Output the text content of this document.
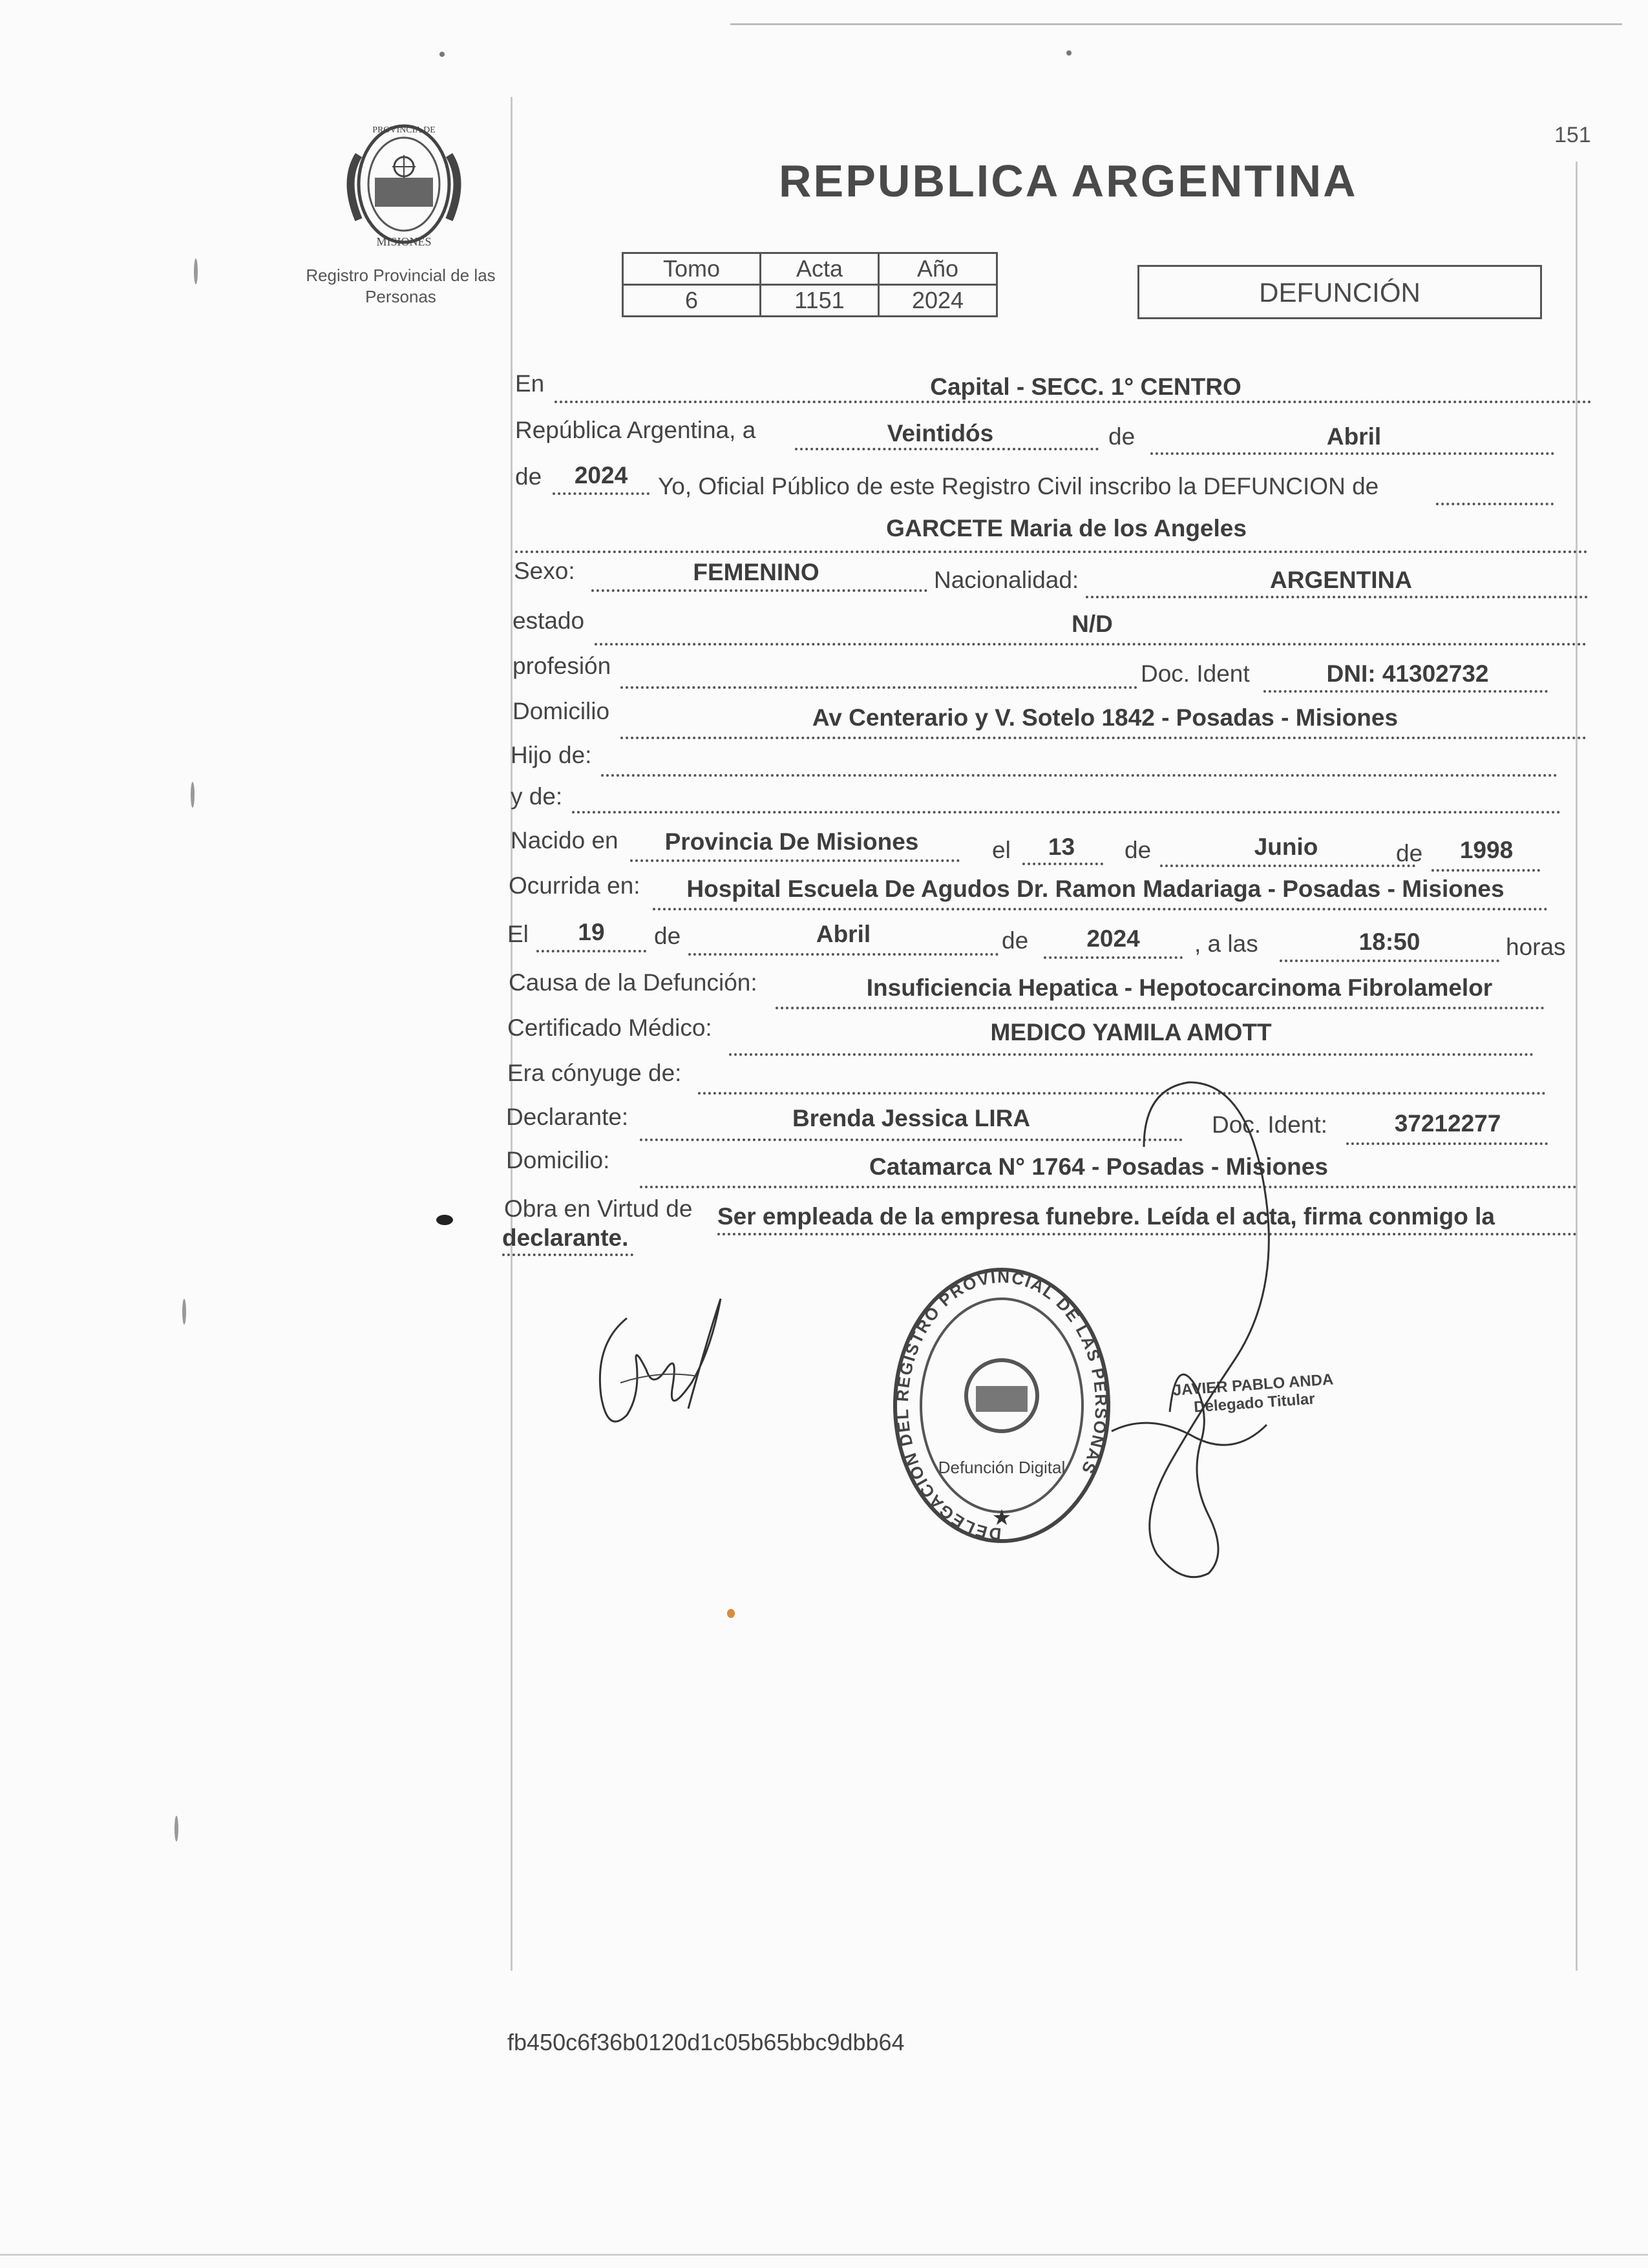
151
PROVINCIA DE
MISIONES
Registro Provincial de las Personas
REPUBLICA ARGENTINA
Tomo	Acta	Año
6	1151	2024	DEFUNCIÓN
En	Capital - SECC. 1° CENTRO
República Argentina, a	Veintidós	de	Abril
de	2024	Yo, Oficial Público de este Registro Civil inscribo la DEFUNCION de
GARCETE Maria de los Angeles
Sexo:	FEMENINO	Nacionalidad:	ARGENTINA
estado	N/D
profesión	Doc. Ident	DNI: 41302732
Domicilio	Av Centerario y V. Sotelo 1842 - Posadas - Misiones
Hijo de:
y de:
Nacido en	Provincia De Misiones	el	13	de	Junio	de	1998
Ocurrida en:	Hospital Escuela De Agudos Dr. Ramon Madariaga - Posadas - Misiones
El	19	de	Abril	de	2024	, a las	18:50	horas
Causa de la Defunción:	Insuficiencia Hepatica - Hepotocarcinoma Fibrolamelor
Certificado Médico:	MEDICO YAMILA AMOTT
Era cónyuge de:
Declarante:	Brenda Jessica LIRA	Doc. Ident:	37212277
Domicilio:	Catamarca N° 1764 - Posadas - Misiones
Obra en Virtud de Ser empleada de la empresa funebre. Leída el acta, firma conmigo la
declarante.
DELEGACION DEL REGISTRO PROVINCIAL DE LAS PERSONAS
Defunción Digital
★
JAVIER PABLO ANDA Delegado Titular
fb450c6f36b0120d1c05b65bbc9dbb64
